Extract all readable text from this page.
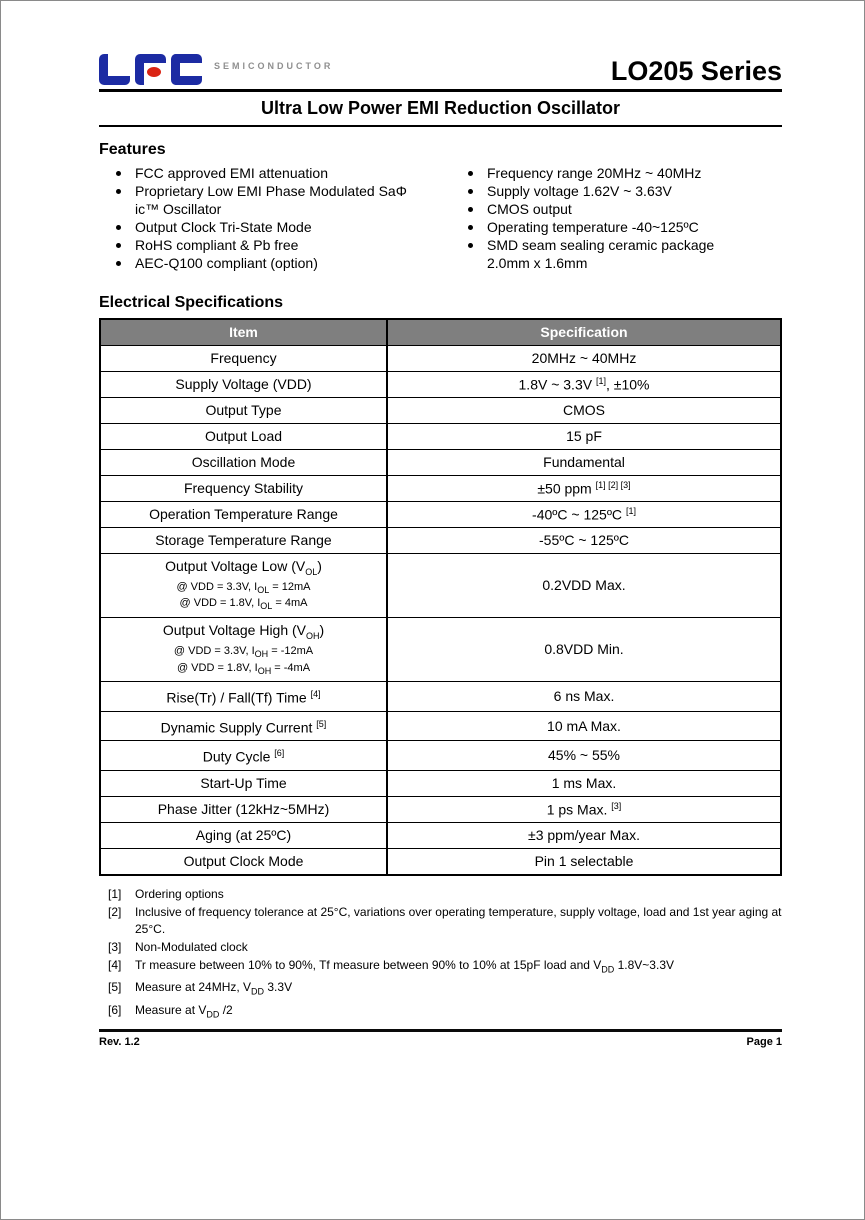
SEMICONDUCTOR	LO205 Series
Ultra Low Power EMI Reduction Oscillator
Features
FCC approved EMI attenuation
Proprietary Low EMI Phase Modulated SaΦ
ic™ Oscillator
Output Clock Tri-State Mode
RoHS compliant & Pb free
AEC-Q100 compliant (option)
Frequency range 20MHz ~ 40MHz
Supply voltage 1.62V ~ 3.63V
CMOS output
Operating temperature -40~125ºC
SMD seam sealing ceramic package
2.0mm x 1.6mm
Electrical Specifications
Item	Specification

Frequency	20MHz ~ 40MHz

Supply Voltage (VDD)	1.8V ~ 3.3V [1], ±10%

Output Type	CMOS

Output Load	15 pF

Oscillation Mode	Fundamental

Frequency Stability	±50 ppm [1] [2] [3]

Operation Temperature Range	-40ºC ~ 125ºC [1]

Storage Temperature Range	-55ºC ~ 125ºC

Output Voltage Low $(V_{OL})$
@ VDD = 3.3V, $I_{OL} = 12mA$
@ VDD = 1.8V, $I_{OL} = 4mA$	0.2VDD Max.

Output Voltage High $(V_{OH})$
@ VDD = 3.3V, $I_{OH} = -12mA$
@ VDD = 1.8V, $I_{OH} = -4mA$	0.8VDD Min.

Rise(Tr) / Fall(Tf) Time [4]	6 ns Max.

Dynamic Supply Current [5]	10 mA Max.

Duty Cycle [6]	45% ~ 55%

Start-Up Time	1 ms Max.

Phase Jitter (12kHz~5MHz)	1 ps Max. [3]

Aging (at 25ºC)	±3 ppm/year Max.

Output Clock Mode	Pin 1 selectable
[1]	Ordering options
[2]	Inclusive of frequency tolerance at 25°C, variations over operating temperature, supply voltage, load and 1st year aging at 25°C.
[3]	Non-Modulated clock
[4]	Tr measure between 10% to 90%, Tf measure between 90% to 10% at 15pF load and $V_{DD}$ 1.8V~3.3V
[5]	Measure at 24MHz, $V_{DD}$ 3.3V
[6]	Measure at $V_{DD}$ /2
Rev. 1.2	Page 1
